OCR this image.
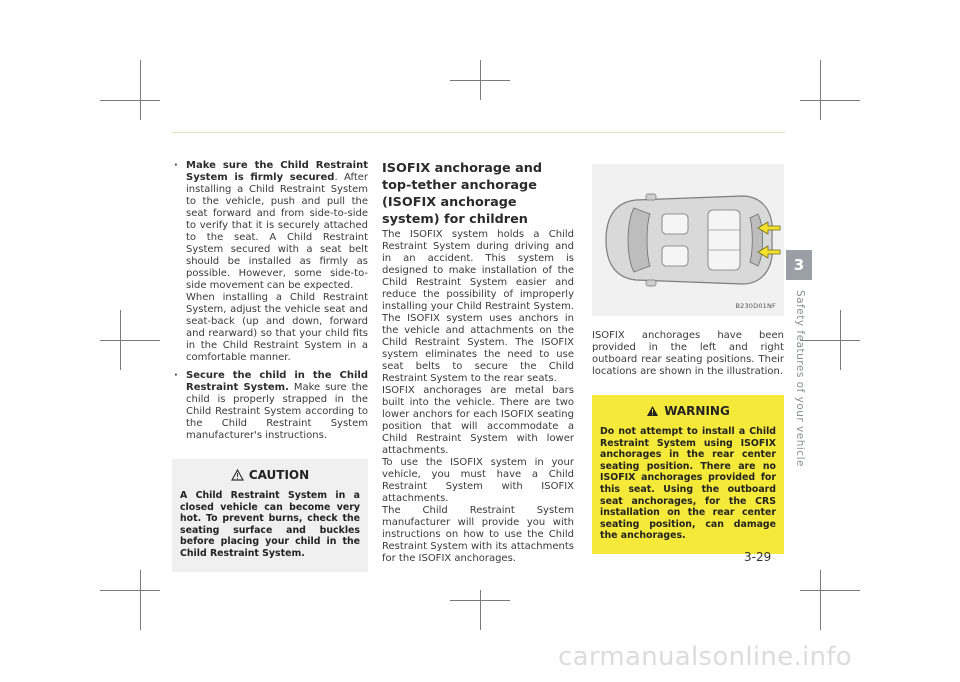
· Make sure the Child Restraint System is firmly secured. After installing a Child Restraint System to the vehicle, push and pull the seat forward and from side-to-side to verify that it is securely attached to the seat. A Child Restraint System secured with a seat belt should be installed as firmly as possible. However, some side-to-side movement can be expected.

When installing a Child Restraint System, adjust the vehicle seat and seat-back (up and down, forward and rearward) so that your child fits in the Child Restraint System in a comfortable manner.

· Secure the child in the Child Restraint System. Make sure the child is properly strapped in the Child Restraint System according to the Child Restraint System manufacturer's instructions.

CAUTION
A Child Restraint System in a closed vehicle can become very hot. To prevent burns, check the seating surface and buckles before placing your child in the Child Restraint System.
ISOFIX anchorage and top-tether anchorage (ISOFIX anchorage system) for children

The ISOFIX system holds a Child Restraint System during driving and in an accident. This system is designed to make installation of the Child Restraint System easier and reduce the possibility of improperly installing your Child Restraint System. The ISOFIX system uses anchors in the vehicle and attachments on the Child Restraint System. The ISOFIX system eliminates the need to use seat belts to secure the Child Restraint System to the rear seats.

ISOFIX anchorages are metal bars built into the vehicle. There are two lower anchors for each ISOFIX seating position that will accommodate a Child Restraint System with lower attachments.

To use the ISOFIX system in your vehicle, you must have a Child Restraint System with ISOFIX attachments.

The Child Restraint System manufacturer will provide you with instructions on how to use the Child Restraint System with its attachments for the ISOFIX anchorages.

B230D01NF

ISOFIX anchorages have been provided in the left and right outboard rear seating positions. Their locations are shown in the illustration.

WARNING
Do not attempt to install a Child Restraint System using ISOFIX anchorages in the rear center seating position. There are no ISOFIX anchorages provided for this seat. Using the outboard seat anchorages, for the CRS installation on the rear center seating position, can damage the anchorages.
3
Safety features of your vehicle
3-29
carmanualsonline.info
